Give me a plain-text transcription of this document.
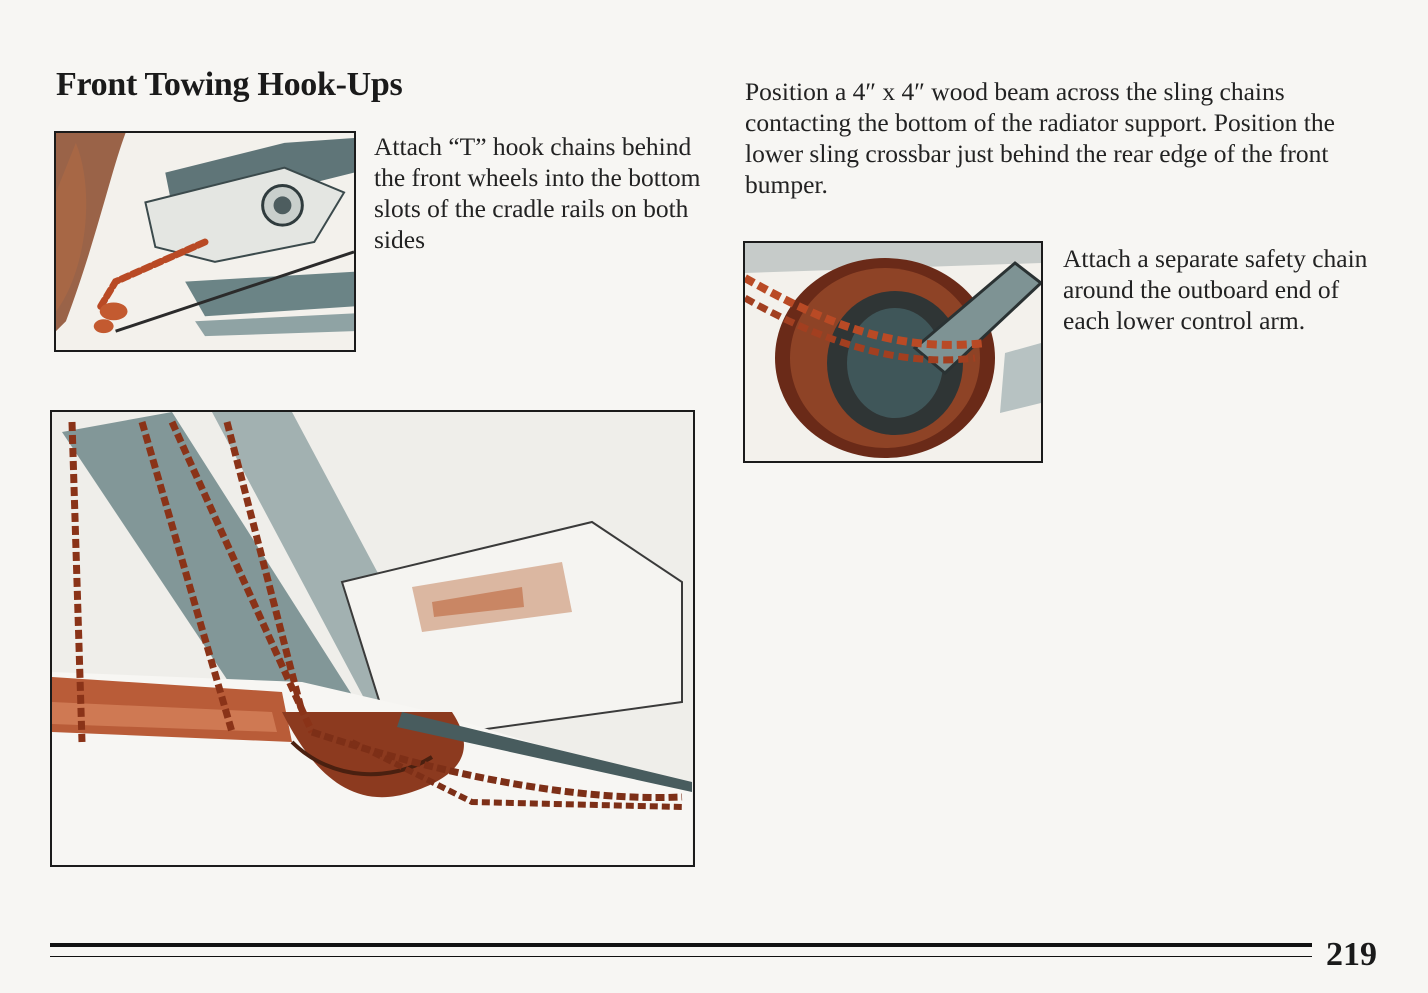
Front Towing Hook-Ups

Attach “T” hook chains behind the front wheels into the bottom slots of the cradle rails on both sides

Position a 4″ x 4″ wood beam across the sling chains contacting the bottom of the radiator support. Position the lower sling crossbar just behind the rear edge of the front bumper.

Attach a separate safety chain around the outboard end of each lower control arm.

219
